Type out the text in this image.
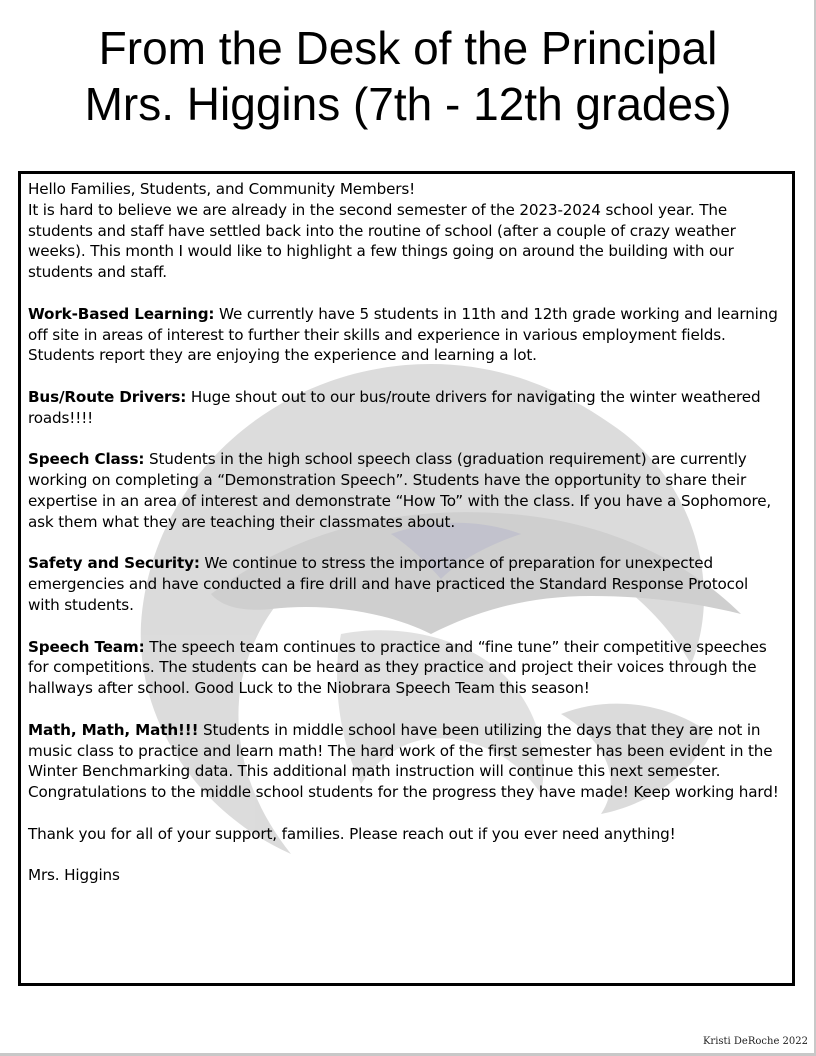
From the Desk of the Principal
Mrs. Higgins (7th - 12th grades)

Hello Families, Students, and Community Members!

It is hard to believe we are already in the second semester of the 2023-2024 school year. The students and staff have settled back into the routine of school (after a couple of crazy weather weeks). This month I would like to highlight a few things going on around the building with our students and staff.

Work-Based Learning: We currently have 5 students in 11th and 12th grade working and learning off site in areas of interest to further their skills and experience in various employment fields. Students report they are enjoying the experience and learning a lot.

Bus/Route Drivers: Huge shout out to our bus/route drivers for navigating the winter weathered roads!!!!

Speech Class: Students in the high school speech class (graduation requirement) are currently working on completing a “Demonstration Speech”. Students have the opportunity to share their expertise in an area of interest and demonstrate “How To” with the class. If you have a Sophomore, ask them what they are teaching their classmates about.

Safety and Security: We continue to stress the importance of preparation for unexpected emergencies and have conducted a fire drill and have practiced the Standard Response Protocol with students.

Speech Team: The speech team continues to practice and “fine tune” their competitive speeches for competitions. The students can be heard as they practice and project their voices through the hallways after school. Good Luck to the Niobrara Speech Team this season!

Math, Math, Math!!! Students in middle school have been utilizing the days that they are not in music class to practice and learn math! The hard work of the first semester has been evident in the Winter Benchmarking data. This additional math instruction will continue this next semester. Congratulations to the middle school students for the progress they have made! Keep working hard!

Thank you for all of your support, families. Please reach out if you ever need anything!

Mrs. Higgins

Kristi DeRoche 2022
